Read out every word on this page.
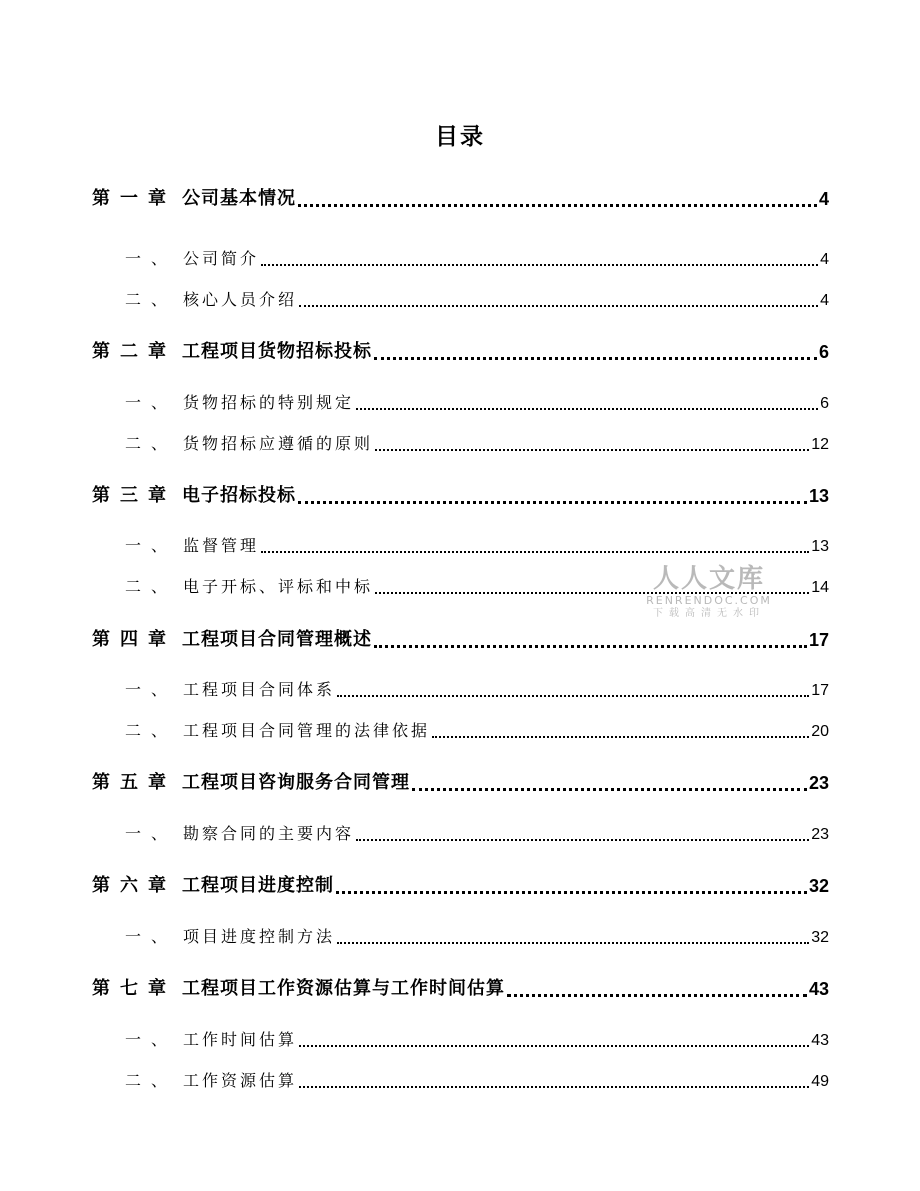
目录
第一章 公司基本情况	4
一、 公司简介	4
二、 核心人员介绍	4
第二章 工程项目货物招标投标	6
一、 货物招标的特别规定	6
二、 货物招标应遵循的原则	12
第三章 电子招标投标	13
一、 监督管理	13
二、 电子开标、评标和中标	14
第四章 工程项目合同管理概述	17
一、 工程项目合同体系	17
二、 工程项目合同管理的法律依据	20
第五章 工程项目咨询服务合同管理	23
一、 勘察合同的主要内容	23
第六章 工程项目进度控制	32
一、 项目进度控制方法	32
第七章 工程项目工作资源估算与工作时间估算	43
一、 工作时间估算	43
二、 工作资源估算	49
人人文库
RENRENDOC.COM
下载高清无水印
